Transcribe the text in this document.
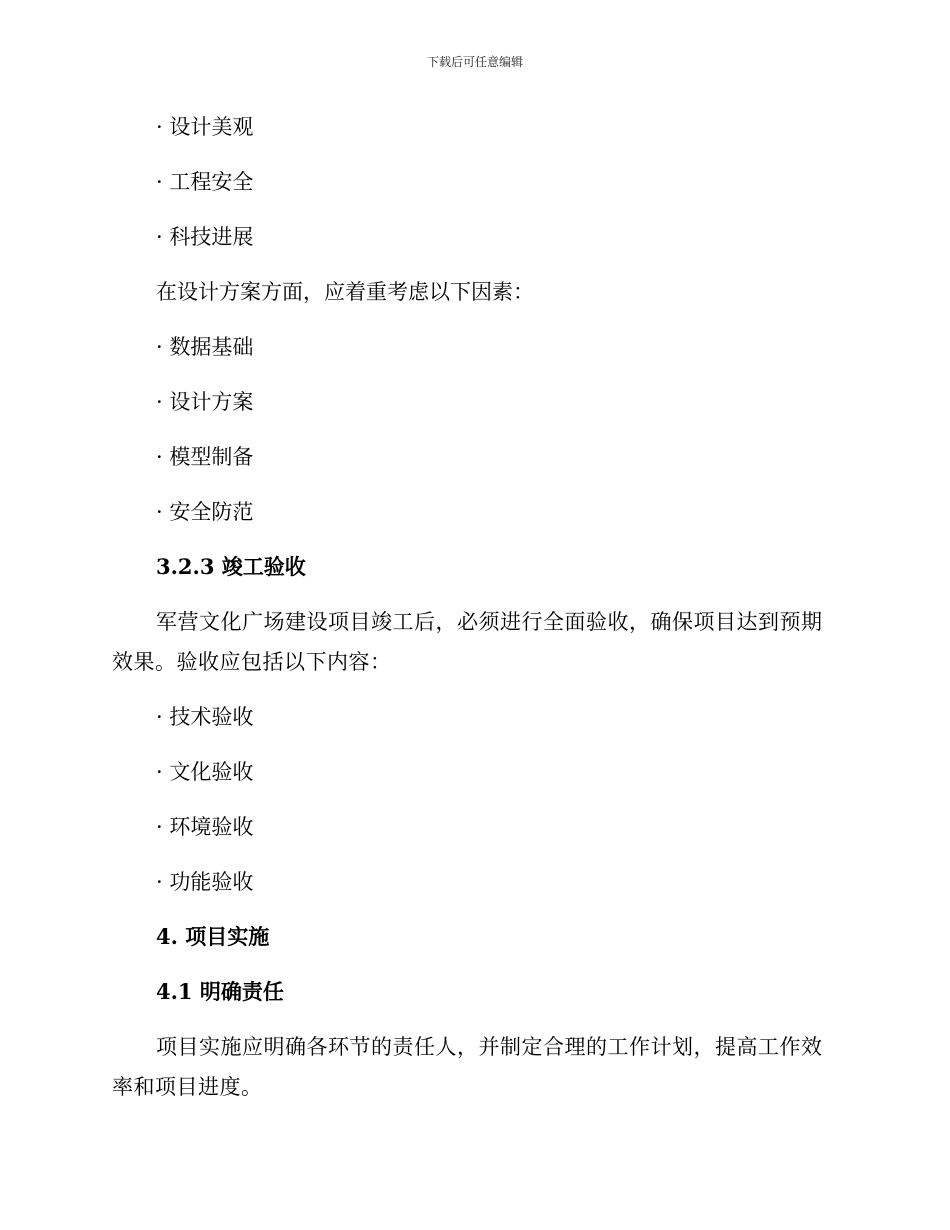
下载后可任意编辑
· 设计美观
· 工程安全
· 科技进展
在设计方案方面，应着重考虑以下因素：
· 数据基础
· 设计方案
· 模型制备
· 安全防范
3.2.3 竣工验收
军营文化广场建设项目竣工后，必须进行全面验收，确保项目达到预期效果。验收应包括以下内容：
· 技术验收
· 文化验收
· 环境验收
· 功能验收
4. 项目实施
4.1 明确责任
项目实施应明确各环节的责任人，并制定合理的工作计划，提高工作效率和项目进度。
